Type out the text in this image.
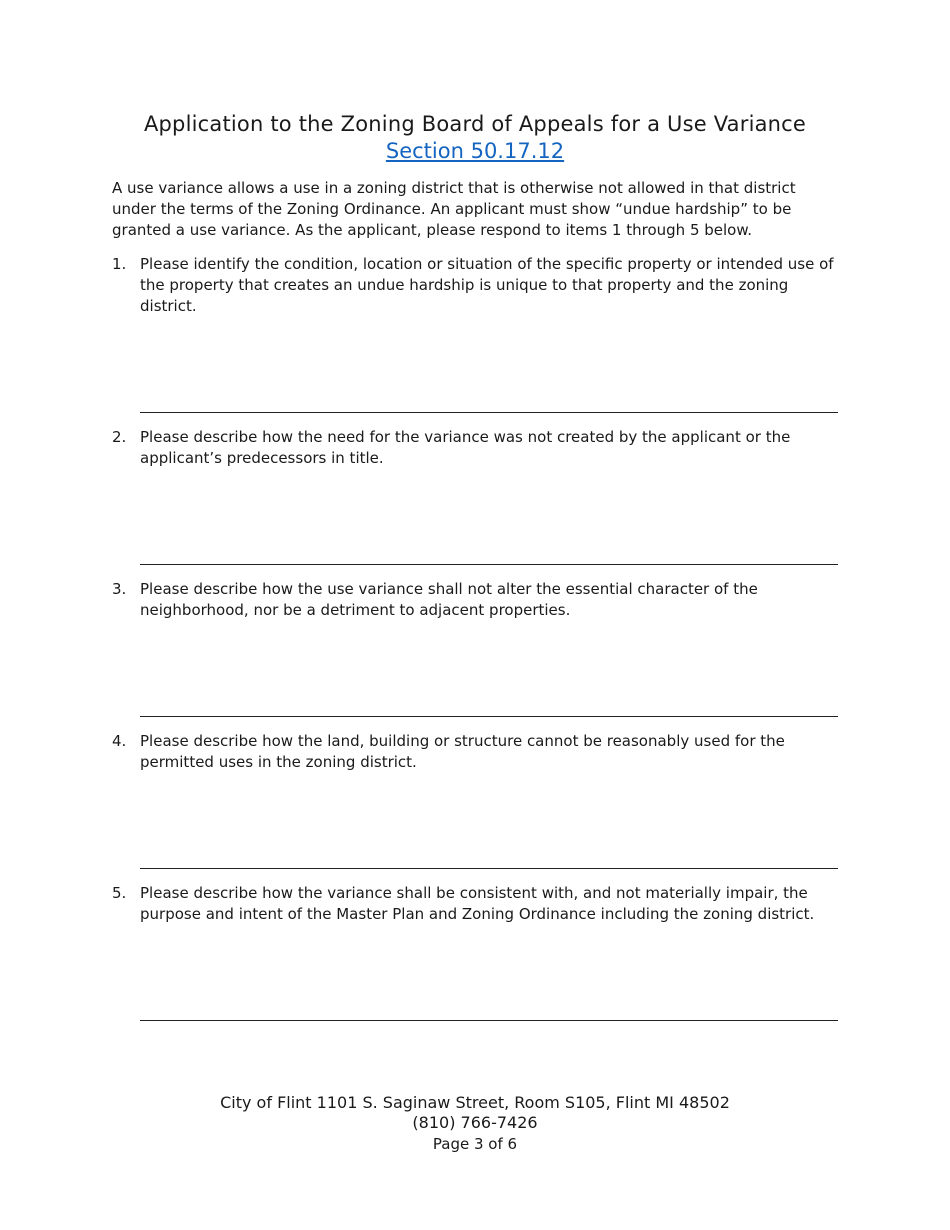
Application to the Zoning Board of Appeals for a Use Variance
Section 50.17.12
A use variance allows a use in a zoning district that is otherwise not allowed in that district under the terms of the Zoning Ordinance. An applicant must show “undue hardship” to be granted a use variance. As the applicant, please respond to items 1 through 5 below.
1. Please identify the condition, location or situation of the specific property or intended use of the property that creates an undue hardship is unique to that property and the zoning district.
2. Please describe how the need for the variance was not created by the applicant or the applicant’s predecessors in title.
3. Please describe how the use variance shall not alter the essential character of the neighborhood, nor be a detriment to adjacent properties.
4. Please describe how the land, building or structure cannot be reasonably used for the permitted uses in the zoning district.
5. Please describe how the variance shall be consistent with, and not materially impair, the purpose and intent of the Master Plan and Zoning Ordinance including the zoning district.
City of Flint 1101 S. Saginaw Street, Room S105, Flint MI 48502
(810) 766-7426
Page 3 of 6
